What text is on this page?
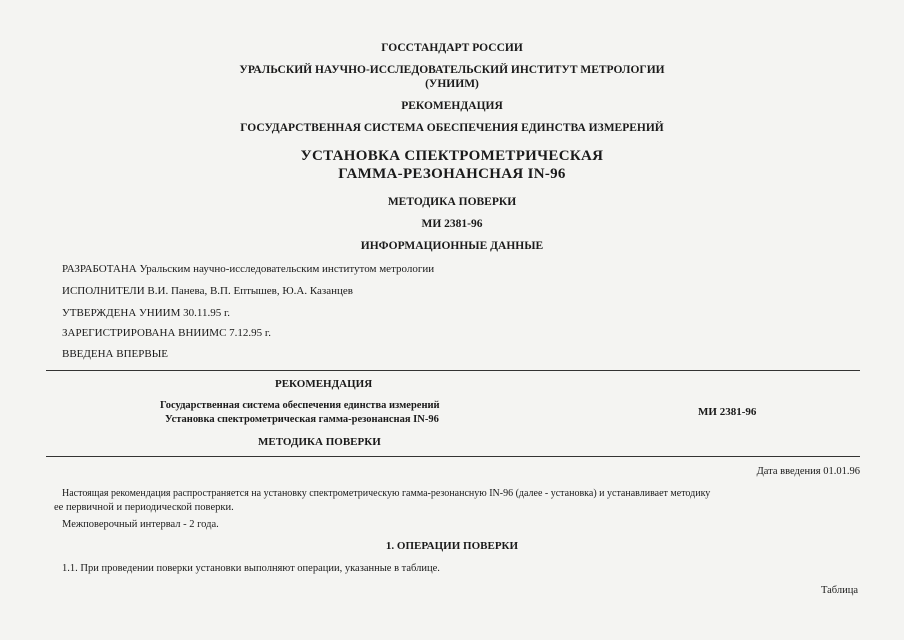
ГОССТАНДАРТ РОССИИ
УРАЛЬСКИЙ НАУЧНО-ИССЛЕДОВАТЕЛЬСКИЙ ИНСТИТУТ МЕТРОЛОГИИ
(УНИИМ)
РЕКОМЕНДАЦИЯ
ГОСУДАРСТВЕННАЯ СИСТЕМА ОБЕСПЕЧЕНИЯ ЕДИНСТВА ИЗМЕРЕНИЙ
УСТАНОВКА СПЕКТРОМЕТРИЧЕСКАЯ
ГАММА-РЕЗОНАНСНАЯ IN-96
МЕТОДИКА ПОВЕРКИ
МИ 2381-96
ИНФОРМАЦИОННЫЕ ДАННЫЕ
РАЗРАБОТАНА Уральским научно-исследовательским институтом метрологии
ИСПОЛНИТЕЛИ В.И. Панева, В.П. Ептышев, Ю.А. Казанцев
УТВЕРЖДЕНА УНИИМ 30.11.95 г.
ЗАРЕГИСТРИРОВАНА ВНИИМС 7.12.95 г.
ВВЕДЕНА ВПЕРВЫЕ
РЕКОМЕНДАЦИЯ
Государственная система обеспечения единства измерений
Установка спектрометрическая гамма-резонансная IN-96
МИ 2381-96
МЕТОДИКА ПОВЕРКИ
Дата введения 01.01.96
Настоящая рекомендация распространяется на установку спектрометрическую гамма-резонансную IN-96 (далее - установка) и устанавливает методику
ее первичной и периодической поверки.
Межповерочный интервал - 2 года.
1. ОПЕРАЦИИ ПОВЕРКИ
1.1. При проведении поверки установки выполняют операции, указанные в таблице.
Таблица
